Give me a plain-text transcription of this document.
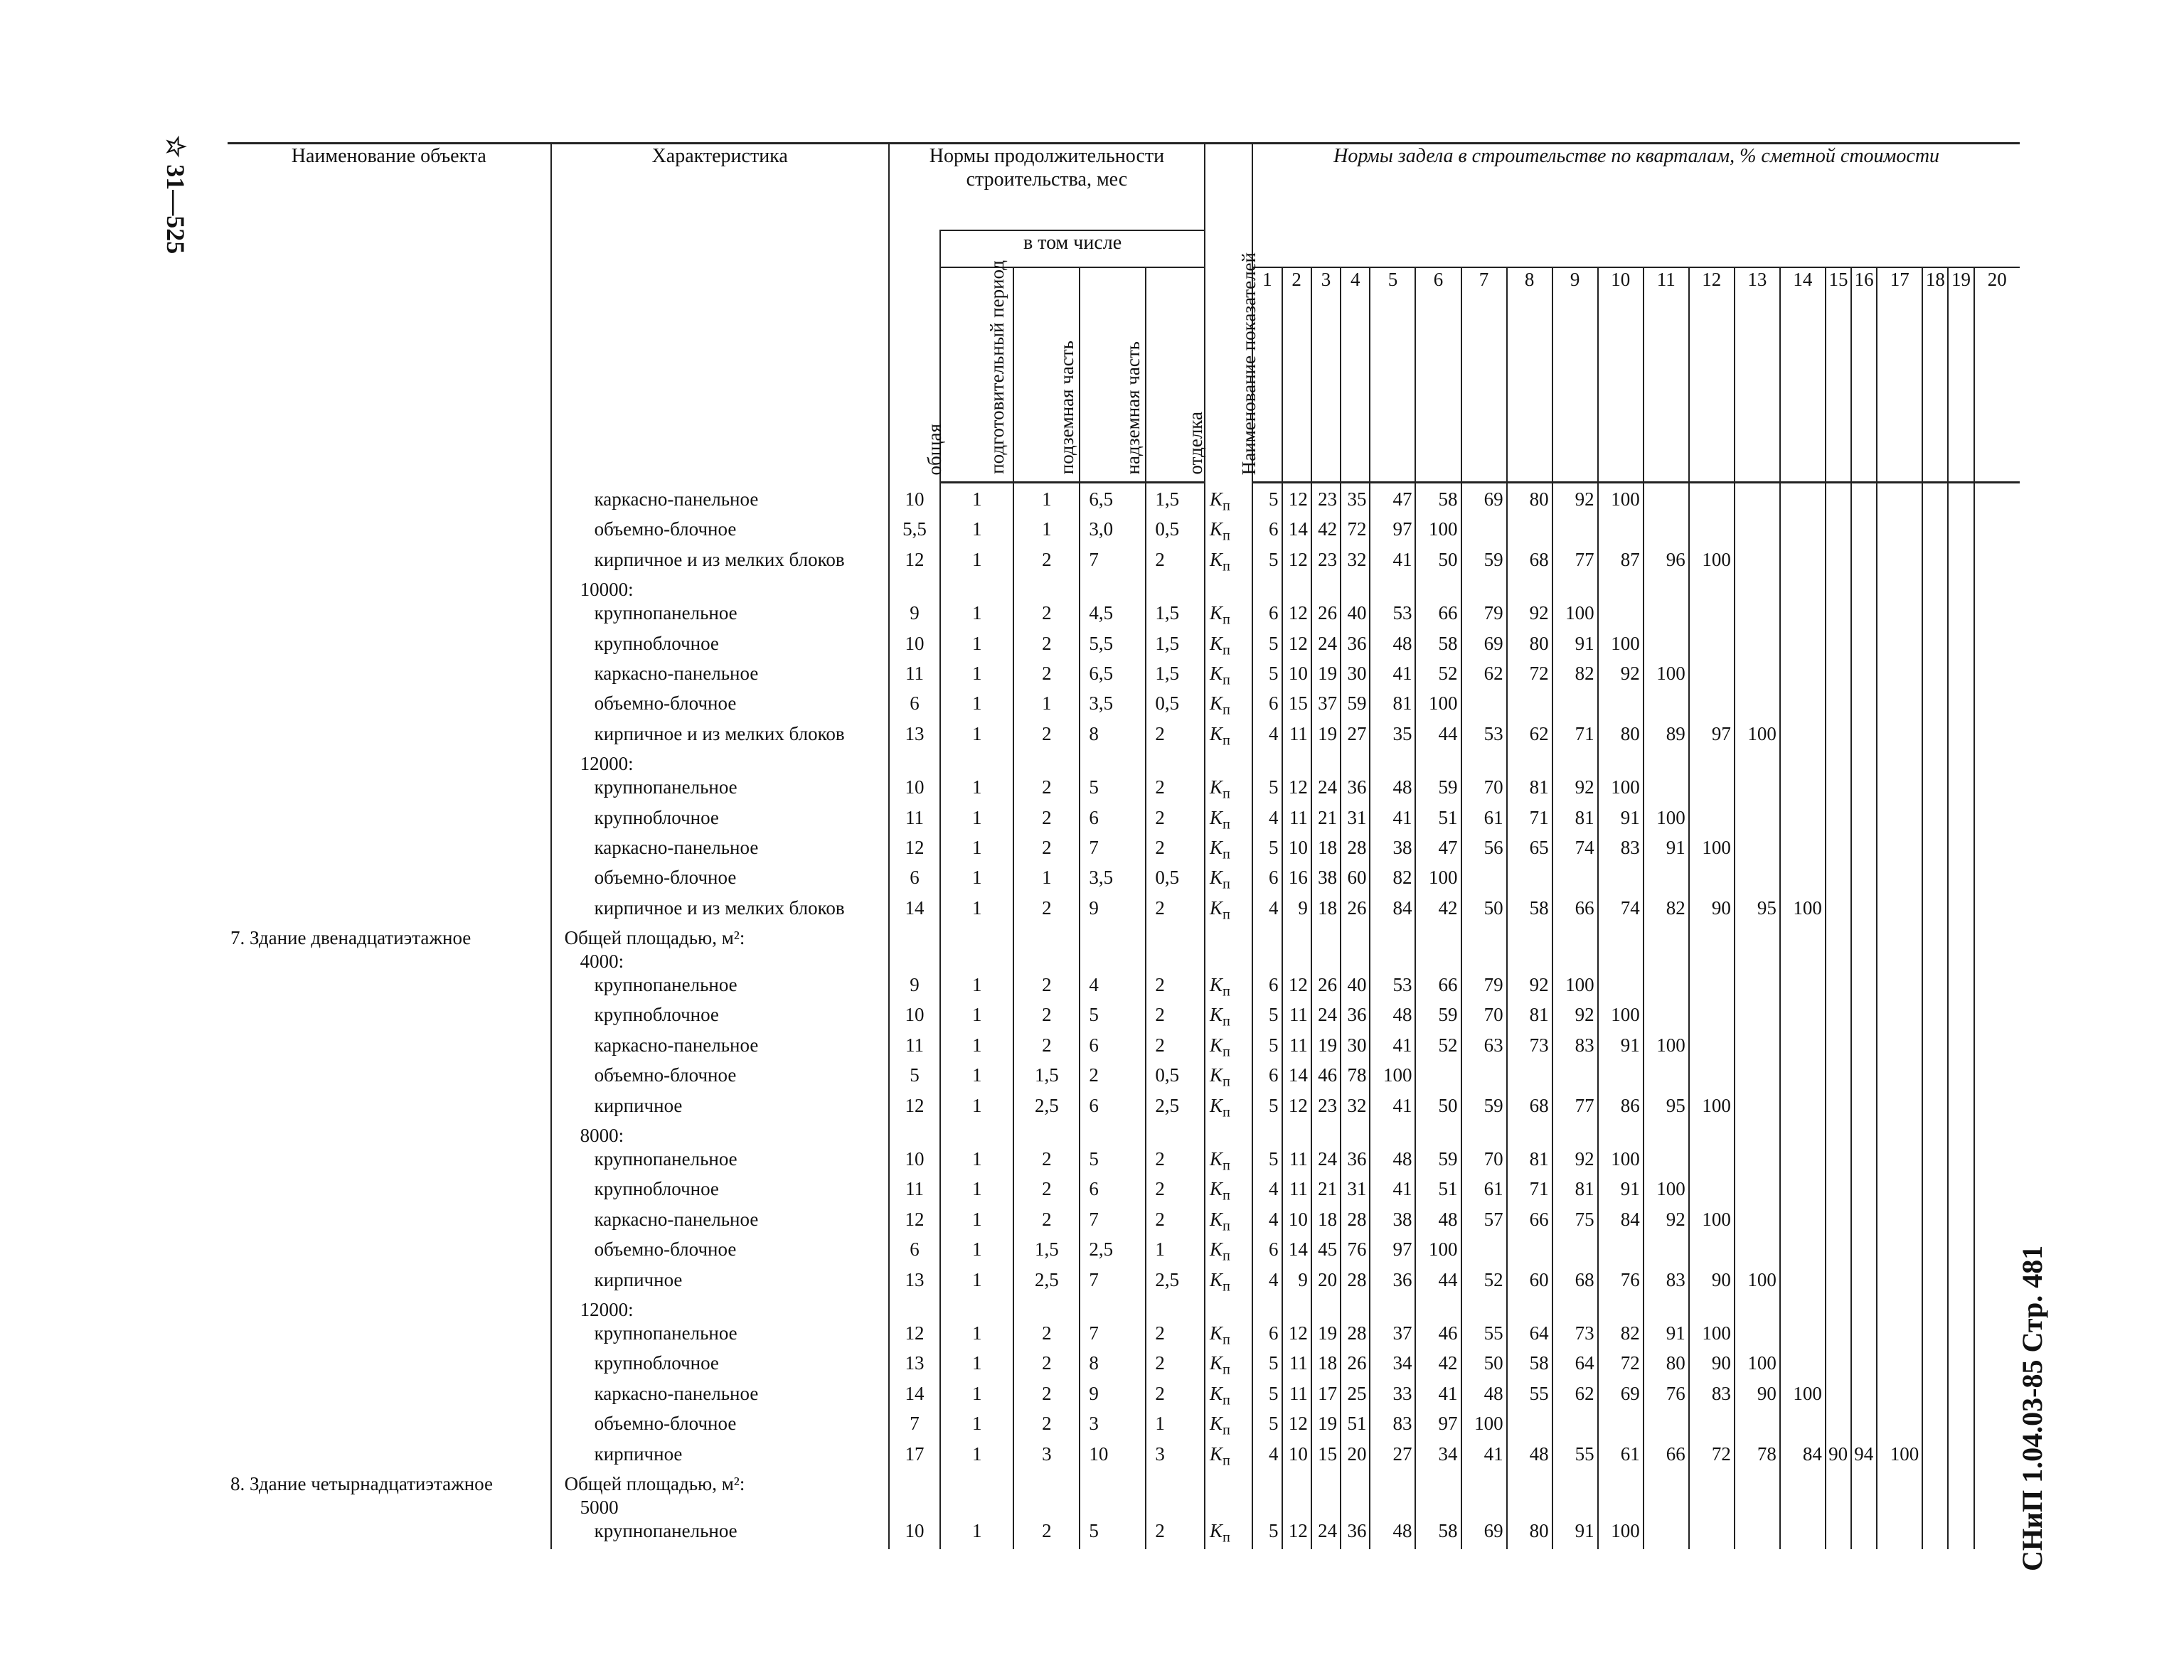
☆ 31—525
СНиП 1.04.03-85 Стр. 481
Наименование объекта	Характеристика	Нормы продолжительности строительства, мес					Наименование показателей	Нормы задела в строительстве по кварталам, % сметной стоимости																			

		общая	в том числе																								

			подготовительный период	подземная часть	надземная часть	отделка		1	2	3	4	5	6	7	8	9	10	11	12	13	14	15	16	17	18	19	20

	каркасно-панельное	10	1	1	6,5	1,5	$K_п$	5	12	23	35	47	58	69	80	92	100										
	объемно-блочное	5,5	1	1	3,0	0,5	$K_п$	6	14	42	72	97	100														
	кирпичное и из мелких блоков	12	1	2	7	2	$K_п$	5	12	23	32	41	50	59	68	77	87	96	100								
	10000:																										
	крупнопанельное	9	1	2	4,5	1,5	$K_п$	6	12	26	40	53	66	79	92	100											
	крупноблочное	10	1	2	5,5	1,5	$K_п$	5	12	24	36	48	58	69	80	91	100										
	каркасно-панельное	11	1	2	6,5	1,5	$K_п$	5	10	19	30	41	52	62	72	82	92	100									
	объемно-блочное	6	1	1	3,5	0,5	$K_п$	6	15	37	59	81	100														
	кирпичное и из мелких блоков	13	1	2	8	2	$K_п$	4	11	19	27	35	44	53	62	71	80	89	97	100							
	12000:																										
	крупнопанельное	10	1	2	5	2	$K_п$	5	12	24	36	48	59	70	81	92	100										
	крупноблочное	11	1	2	6	2	$K_п$	4	11	21	31	41	51	61	71	81	91	100									
	каркасно-панельное	12	1	2	7	2	$K_п$	5	10	18	28	38	47	56	65	74	83	91	100								
	объемно-блочное	6	1	1	3,5	0,5	$K_п$	6	16	38	60	82	100														
	кирпичное и из мелких блоков	14	1	2	9	2	$K_п$	4	9	18	26	84	42	50	58	66	74	82	90	95	100						
7. Здание двенадцатиэтажное	Общей площадью, м²:																										
	4000:																										
	крупнопанельное	9	1	2	4	2	$K_п$	6	12	26	40	53	66	79	92	100											
	крупноблочное	10	1	2	5	2	$K_п$	5	11	24	36	48	59	70	81	92	100										
	каркасно-панельное	11	1	2	6	2	$K_п$	5	11	19	30	41	52	63	73	83	91	100									
	объемно-блочное	5	1	1,5	2	0,5	$K_п$	6	14	46	78	100															
	кирпичное	12	1	2,5	6	2,5	$K_п$	5	12	23	32	41	50	59	68	77	86	95	100								
	8000:																										
	крупнопанельное	10	1	2	5	2	$K_п$	5	11	24	36	48	59	70	81	92	100										
	крупноблочное	11	1	2	6	2	$K_п$	4	11	21	31	41	51	61	71	81	91	100									
	каркасно-панельное	12	1	2	7	2	$K_п$	4	10	18	28	38	48	57	66	75	84	92	100								
	объемно-блочное	6	1	1,5	2,5	1	$K_п$	6	14	45	76	97	100														
	кирпичное	13	1	2,5	7	2,5	$K_п$	4	9	20	28	36	44	52	60	68	76	83	90	100							
	12000:																										
	крупнопанельное	12	1	2	7	2	$K_п$	6	12	19	28	37	46	55	64	73	82	91	100								
	крупноблочное	13	1	2	8	2	$K_п$	5	11	18	26	34	42	50	58	64	72	80	90	100							
	каркасно-панельное	14	1	2	9	2	$K_п$	5	11	17	25	33	41	48	55	62	69	76	83	90	100						
	объемно-блочное	7	1	2	3	1	$K_п$	5	12	19	51	83	97	100													
	кирпичное	17	1	3	10	3	$K_п$	4	10	15	20	27	34	41	48	55	61	66	72	78	84	90	94	100			
8. Здание четырнадцатиэтажное	Общей площадью, м²:																										
	5000																										
	крупнопанельное	10	1	2	5	2	$K_п$	5	12	24	36	48	58	69	80	91	100										
